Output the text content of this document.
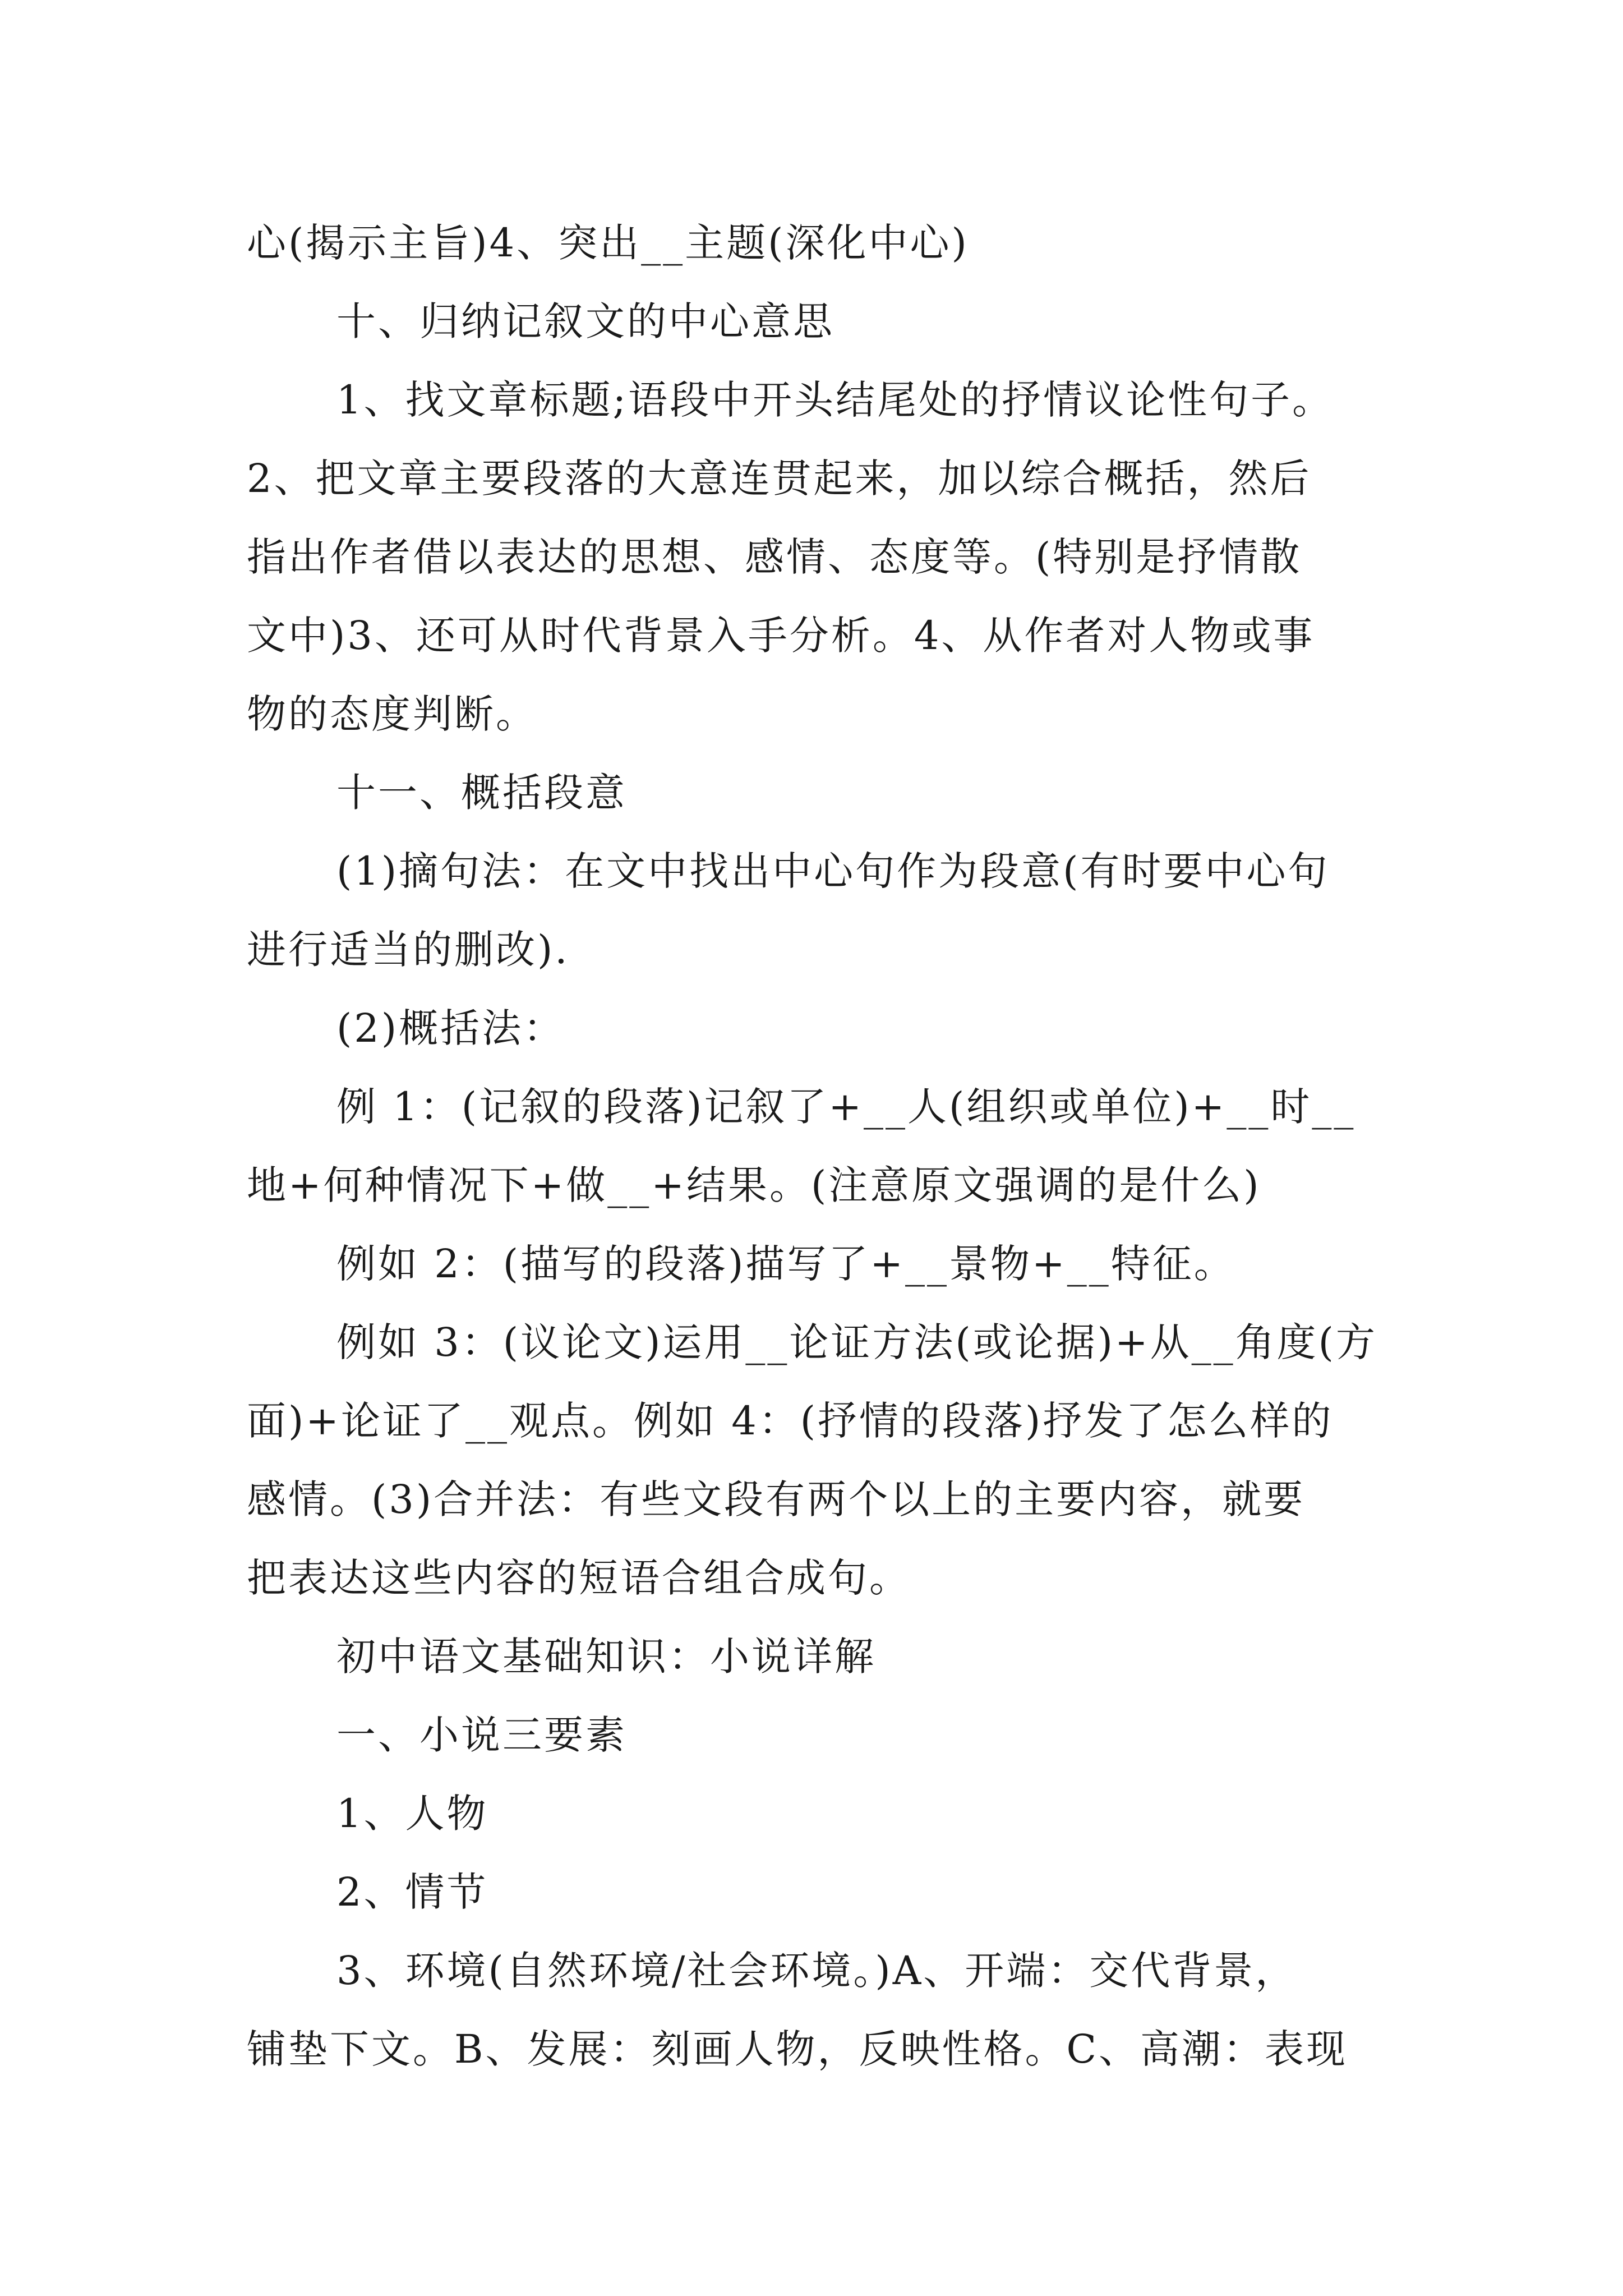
心(揭示主旨)4、突出__主题(深化中心)
十、归纳记叙文的中心意思
1、找文章标题;语段中开头结尾处的抒情议论性句子。
2、把文章主要段落的大意连贯起来，加以综合概括，然后
指出作者借以表达的思想、感情、态度等。(特别是抒情散
文中)3、还可从时代背景入手分析。4、从作者对人物或事
物的态度判断。
十一、概括段意
(1)摘句法：在文中找出中心句作为段意(有时要中心句
进行适当的删改).
(2)概括法：
例 1：(记叙的段落)记叙了+__人(组织或单位)+__时__
地+何种情况下+做__+结果。(注意原文强调的是什么)
例如 2：(描写的段落)描写了+__景物+__特征。
例如 3：(议论文)运用__论证方法(或论据)+从__角度(方
面)+论证了__观点。例如 4：(抒情的段落)抒发了怎么样的
感情。(3)合并法：有些文段有两个以上的主要内容，就要
把表达这些内容的短语合组合成句。
初中语文基础知识：小说详解
一、小说三要素
1、人物
2、情节
3、环境(自然环境/社会环境。)A、开端：交代背景，
铺垫下文。B、发展：刻画人物，反映性格。C、高潮：表现
